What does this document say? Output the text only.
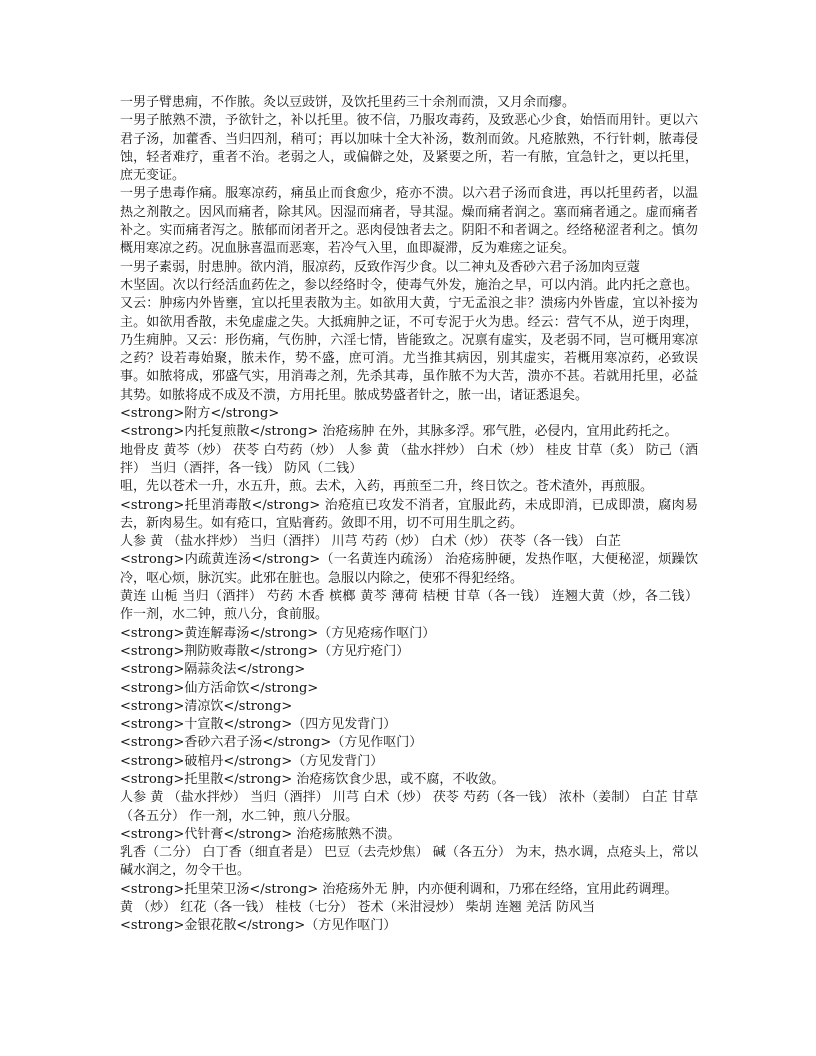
一男子臂患痈，不作脓。灸以豆豉饼，及饮托里药三十余剂而溃，又月余而瘳。
一男子脓熟不溃，予欲针之，补以托里。彼不信，乃服攻毒药，及致恶心少食，始悟而用针。更以六君子汤，加藿香、当归四剂，稍可；再以加味十全大补汤，数剂而敛。凡疮脓熟，不行针刺，脓毒侵蚀，轻者难疗，重者不治。老弱之人，或偏僻之处，及紧要之所，若一有脓，宜急针之，更以托里，庶无变证。
一男子患毒作痛。服寒凉药，痛虽止而食愈少，疮亦不溃。以六君子汤而食进，再以托里药者，以温热之剂散之。因风而痛者，除其风。因湿而痛者，导其湿。燥而痛者润之。塞而痛者通之。虚而痛者补之。实而痛者泻之。脓郁而闭者开之。恶肉侵蚀者去之。阴阳不和者调之。经络秘涩者利之。慎勿概用寒凉之药。况血脉喜温而恶寒，若冷气入里，血即凝滞，反为难瘥之证矣。
一男子素弱，肘患肿。欲内消，服凉药，反致作泻少食。以二神丸及香砂六君子汤加肉豆蔻
木坚固。次以行经活血药佐之，参以经络时令，使毒气外发，施治之早，可以内消。此内托之意也。又云：肿疡内外皆壅，宜以托里表散为主。如欲用大黄，宁无孟浪之非？溃疡内外皆虚，宜以补接为主。如欲用香散，未免虚虚之失。大抵痈肿之证，不可专泥于火为患。经云：营气不从，逆于肉理，乃生痈肿。又云：形伤痛，气伤肿，六淫七情，皆能致之。况禀有虚实，及老弱不同，岂可概用寒凉之药？设若毒始聚，脓未作，势不盛，庶可消。尤当推其病因，别其虚实，若概用寒凉药，必致误事。如脓将成，邪盛气实，用消毒之剂，先杀其毒，虽作脓不为大苦，溃亦不甚。若就用托里，必益其势。如脓将成不成及不溃，方用托里。脓成势盛者针之，脓一出，诸证悉退矣。
<strong>附方</strong>
<strong>内托复煎散</strong> 治疮疡肿 在外，其脉多浮。邪气胜，必侵内，宜用此药托之。
地骨皮 黄芩（炒） 茯苓 白芍药（炒） 人参 黄 （盐水拌炒） 白术（炒） 桂皮 甘草（炙） 防己（酒拌） 当归（酒拌，各一钱） 防风（二钱）
咀，先以苍术一升，水五升，煎。去术，入药，再煎至二升，终日饮之。苍术渣外，再煎服。
<strong>托里消毒散</strong> 治疮疽已攻发不消者，宜服此药，未成即消，已成即溃，腐肉易去，新肉易生。如有疮口，宜贴膏药。敛即不用，切不可用生肌之药。
人参 黄 （盐水拌炒） 当归（酒拌） 川芎 芍药（炒） 白术（炒） 茯苓（各一钱） 白芷
<strong>内疏黄连汤</strong>（一名黄连内疏汤） 治疮疡肿硬，发热作呕，大便秘涩，烦躁饮冷，呕心烦，脉沉实。此邪在脏也。急服以内除之，使邪不得犯经络。
黄连 山栀 当归（酒拌） 芍药 木香 槟榔 黄芩 薄荷 桔梗 甘草（各一钱） 连翘大黄（炒，各二钱） 作一剂，水二钟，煎八分，食前服。
<strong>黄连解毒汤</strong>（方见疮疡作呕门）
<strong>荆防败毒散</strong>（方见疔疮门）
<strong>隔蒜灸法</strong>
<strong>仙方活命饮</strong>
<strong>清凉饮</strong>
<strong>十宣散</strong>（四方见发背门）
<strong>香砂六君子汤</strong>（方见作呕门）
<strong>破棺丹</strong>（方见发背门）
<strong>托里散</strong> 治疮疡饮食少思，或不腐，不收敛。
人参 黄 （盐水拌炒） 当归（酒拌） 川芎 白术（炒） 茯苓 芍药（各一钱） 浓朴（姜制） 白芷 甘草（各五分） 作一剂，水二钟，煎八分服。
<strong>代针膏</strong> 治疮疡脓熟不溃。
乳香（二分） 白丁香（细直者是） 巴豆（去壳炒焦） 碱（各五分） 为末，热水调，点疮头上，常以碱水润之，勿令干也。
<strong>托里荣卫汤</strong> 治疮疡外无 肿，内亦便利调和，乃邪在经络，宜用此药调理。
黄 （炒） 红花（各一钱） 桂枝（七分） 苍术（米泔浸炒） 柴胡 连翘 羌活 防风当
<strong>金银花散</strong>（方见作呕门）
